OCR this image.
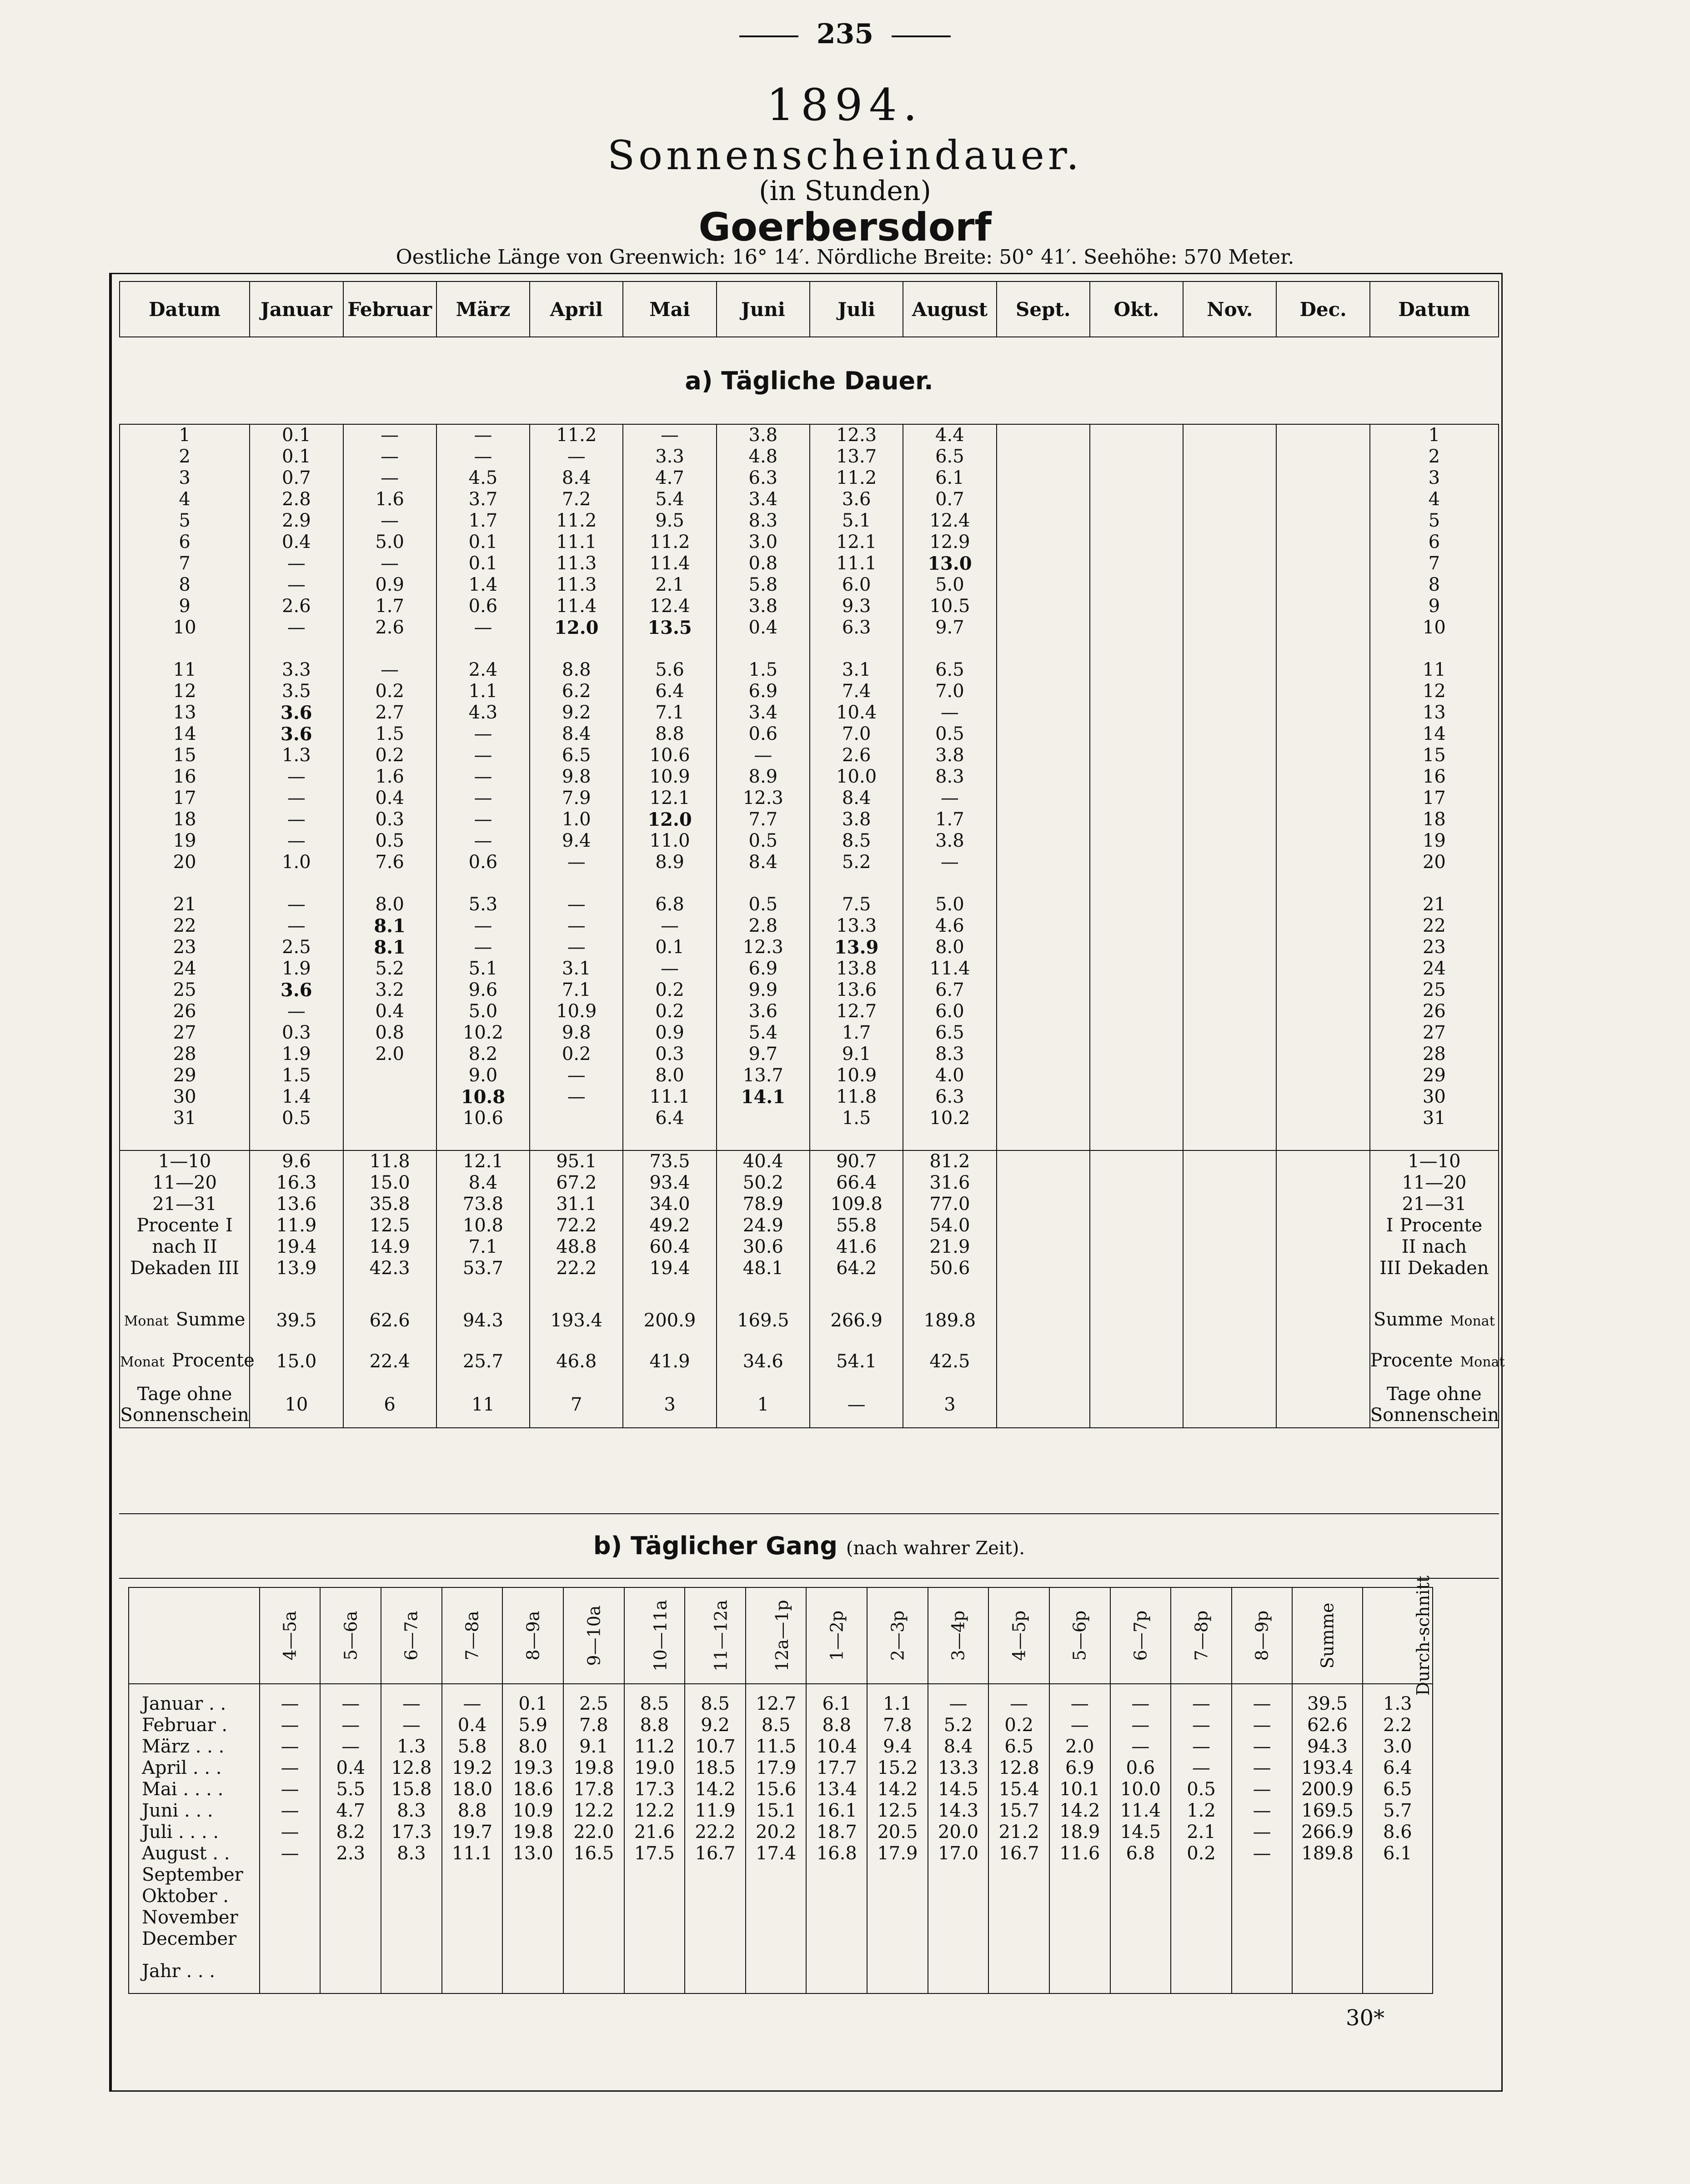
235
1894.
Sonnenscheindauer.
(in Stunden)
Goerbersdorf
Oestliche Länge von Greenwich: 16° 14′. Nördliche Breite: 50° 41′. Seehöhe: 570 Meter.
Datum	Januar	Februar	März	April	Mai	Juni	Juli	August	Sept.	Okt.	Nov.	Dec.	Datum
a) Tägliche Dauer.													
1	0.1	—	—	11.2	—	3.8	12.3	4.4					1
2	0.1	—	—	—	3.3	4.8	13.7	6.5					2
3	0.7	—	4.5	8.4	4.7	6.3	11.2	6.1					3
4	2.8	1.6	3.7	7.2	5.4	3.4	3.6	0.7					4
5	2.9	—	1.7	11.2	9.5	8.3	5.1	12.4					5
6	0.4	5.0	0.1	11.1	11.2	3.0	12.1	12.9					6
7	—	—	0.1	11.3	11.4	0.8	11.1	13.0					7
8	—	0.9	1.4	11.3	2.1	5.8	6.0	5.0					8
9	2.6	1.7	0.6	11.4	12.4	3.8	9.3	10.5					9
10	—	2.6	—	12.0	13.5	0.4	6.3	9.7					10

11	3.3	—	2.4	8.8	5.6	1.5	3.1	6.5					11
12	3.5	0.2	1.1	6.2	6.4	6.9	7.4	7.0					12
13	3.6	2.7	4.3	9.2	7.1	3.4	10.4	—					13
14	3.6	1.5	—	8.4	8.8	0.6	7.0	0.5					14
15	1.3	0.2	—	6.5	10.6	—	2.6	3.8					15
16	—	1.6	—	9.8	10.9	8.9	10.0	8.3					16
17	—	0.4	—	7.9	12.1	12.3	8.4	—					17
18	—	0.3	—	1.0	12.0	7.7	3.8	1.7					18
19	—	0.5	—	9.4	11.0	0.5	8.5	3.8					19
20	1.0	7.6	0.6	—	8.9	8.4	5.2	—					20

21	—	8.0	5.3	—	6.8	0.5	7.5	5.0					21
22	—	8.1	—	—	—	2.8	13.3	4.6					22
23	2.5	8.1	—	—	0.1	12.3	13.9	8.0					23
24	1.9	5.2	5.1	3.1	—	6.9	13.8	11.4					24
25	3.6	3.2	9.6	7.1	0.2	9.9	13.6	6.7					25
26	—	0.4	5.0	10.9	0.2	3.6	12.7	6.0					26
27	0.3	0.8	10.2	9.8	0.9	5.4	1.7	6.5					27
28	1.9	2.0	8.2	0.2	0.3	9.7	9.1	8.3					28
29	1.5		9.0	—	8.0	13.7	10.9	4.0					29
30	1.4		10.8	—	11.1	14.1	11.8	6.3					30
31	0.5		10.6		6.4		1.5	10.2					31

1—10	9.6	11.8	12.1	95.1	73.5	40.4	90.7	81.2					1—10
11—20	16.3	15.0	8.4	67.2	93.4	50.2	66.4	31.6					11—20
21—31	13.6	35.8	73.8	31.1	34.0	78.9	109.8	77.0					21—31
Procente I	11.9	12.5	10.8	72.2	49.2	24.9	55.8	54.0					I Procente
nach II	19.4	14.9	7.1	48.8	60.4	30.6	41.6	21.9					II nach
Dekaden III	13.9	42.3	53.7	22.2	19.4	48.1	64.2	50.6					III Dekaden

Monat Summe	39.5	62.6	94.3	193.4	200.9	169.5	266.9	189.8					Summe Monat
Monat Procente	15.0	22.4	25.7	46.8	41.9	34.6	54.1	42.5					Procente Monat
Tage ohne Sonnenschein	10	6	11	7	3	1	—	3					Tage ohne Sonnenschein
b) Täglicher Gang (nach wahrer Zeit).
	4—5a	5—6a	6—7a	7—8a	8—9a	9—10a	10—11a	11—12a	12a—1p	1—2p	2—3p	3—4p	4—5p	5—6p	6—7p	7—8p	8—9p	Summe	Durch-schnitt
Januar . .	—	—	—	—	0.1	2.5	8.5	8.5	12.7	6.1	1.1	—	—	—	—	—	—	39.5	1.3
Februar .	—	—	—	0.4	5.9	7.8	8.8	9.2	8.5	8.8	7.8	5.2	0.2	—	—	—	—	62.6	2.2
März . . .	—	—	1.3	5.8	8.0	9.1	11.2	10.7	11.5	10.4	9.4	8.4	6.5	2.0	—	—	—	94.3	3.0
April . . .	—	0.4	12.8	19.2	19.3	19.8	19.0	18.5	17.9	17.7	15.2	13.3	12.8	6.9	0.6	—	—	193.4	6.4
Mai . . . .	—	5.5	15.8	18.0	18.6	17.8	17.3	14.2	15.6	13.4	14.2	14.5	15.4	10.1	10.0	0.5	—	200.9	6.5
Juni . . .	—	4.7	8.3	8.8	10.9	12.2	12.2	11.9	15.1	16.1	12.5	14.3	15.7	14.2	11.4	1.2	—	169.5	5.7
Juli . . . .	—	8.2	17.3	19.7	19.8	22.0	21.6	22.2	20.2	18.7	20.5	20.0	21.2	18.9	14.5	2.1	—	266.9	8.6
August . .	—	2.3	8.3	11.1	13.0	16.5	17.5	16.7	17.4	16.8	17.9	17.0	16.7	11.6	6.8	0.2	—	189.8	6.1
September																			
Oktober .																			
November																			
December																			
Jahr . . .																			
30*
